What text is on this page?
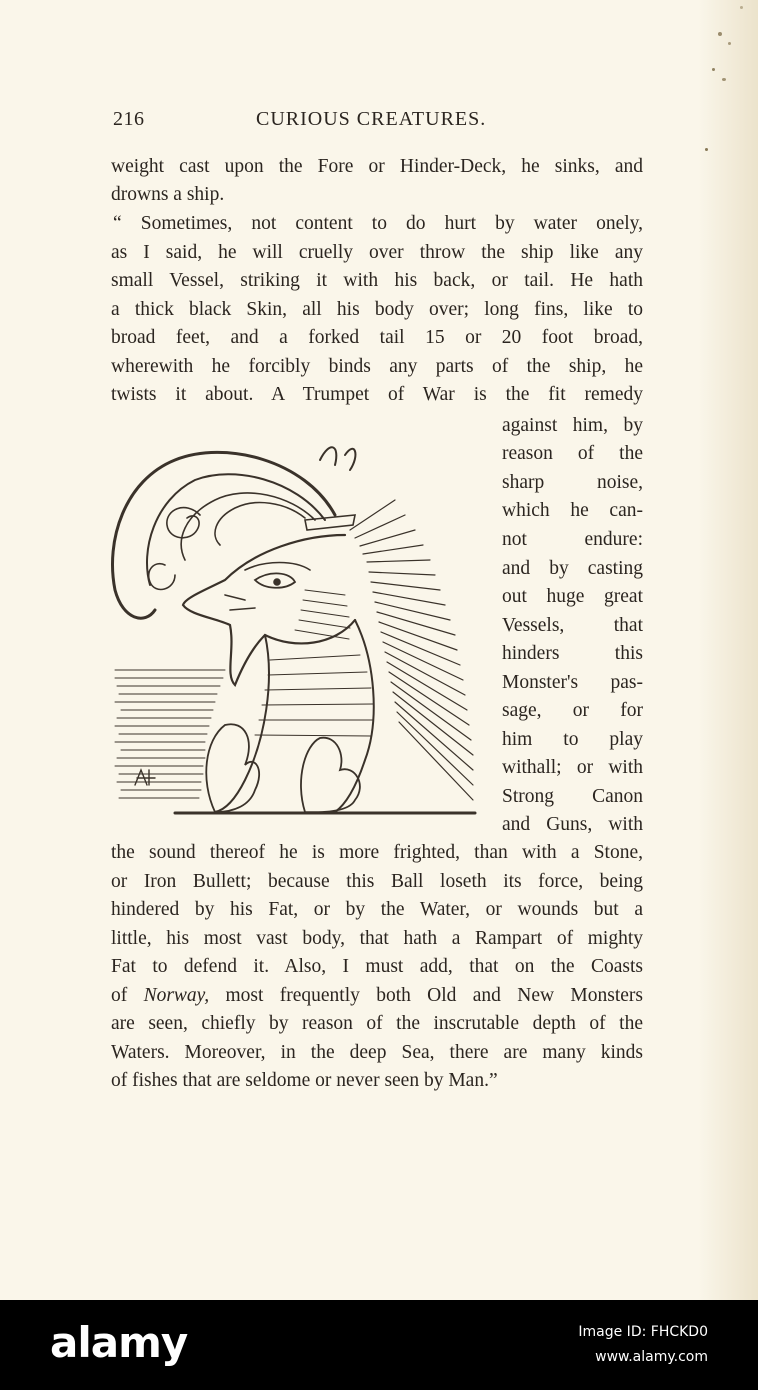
216	CURIOUS CREATURES.
weight cast upon the Fore or Hinder-Deck, he sinks, and
drowns a ship.
“ Sometimes, not content to do hurt by water onely,
as I said, he will cruelly over throw the ship like any
small Vessel, striking it with his back, or tail. He hath
a thick black Skin, all his body over; long fins, like to
broad feet, and a forked tail 15 or 20 foot broad,
wherewith he forcibly binds any parts of the ship, he
twists it about. A Trumpet of War is the fit remedy
against him, by
reason of the
sharp noise,
which he can-
not endure:
and by casting
out huge great
Vessels, that
hinders this
Monster's pas-
sage, or for
him to play
withall; or with
Strong Canon
and Guns, with
the sound thereof he is more frighted, than with a Stone,
or Iron Bullett; because this Ball loseth its force, being
hindered by his Fat, or by the Water, or wounds but a
little, his most vast body, that hath a Rampart of mighty
Fat to defend it. Also, I must add, that on the Coasts
of Norway, most frequently both Old and New Monsters
are seen, chiefly by reason of the inscrutable depth of the
Waters. Moreover, in the deep Sea, there are many kinds
of fishes that are seldome or never seen by Man.”
alamy	Image ID: FHCKD0
www.alamy.com
